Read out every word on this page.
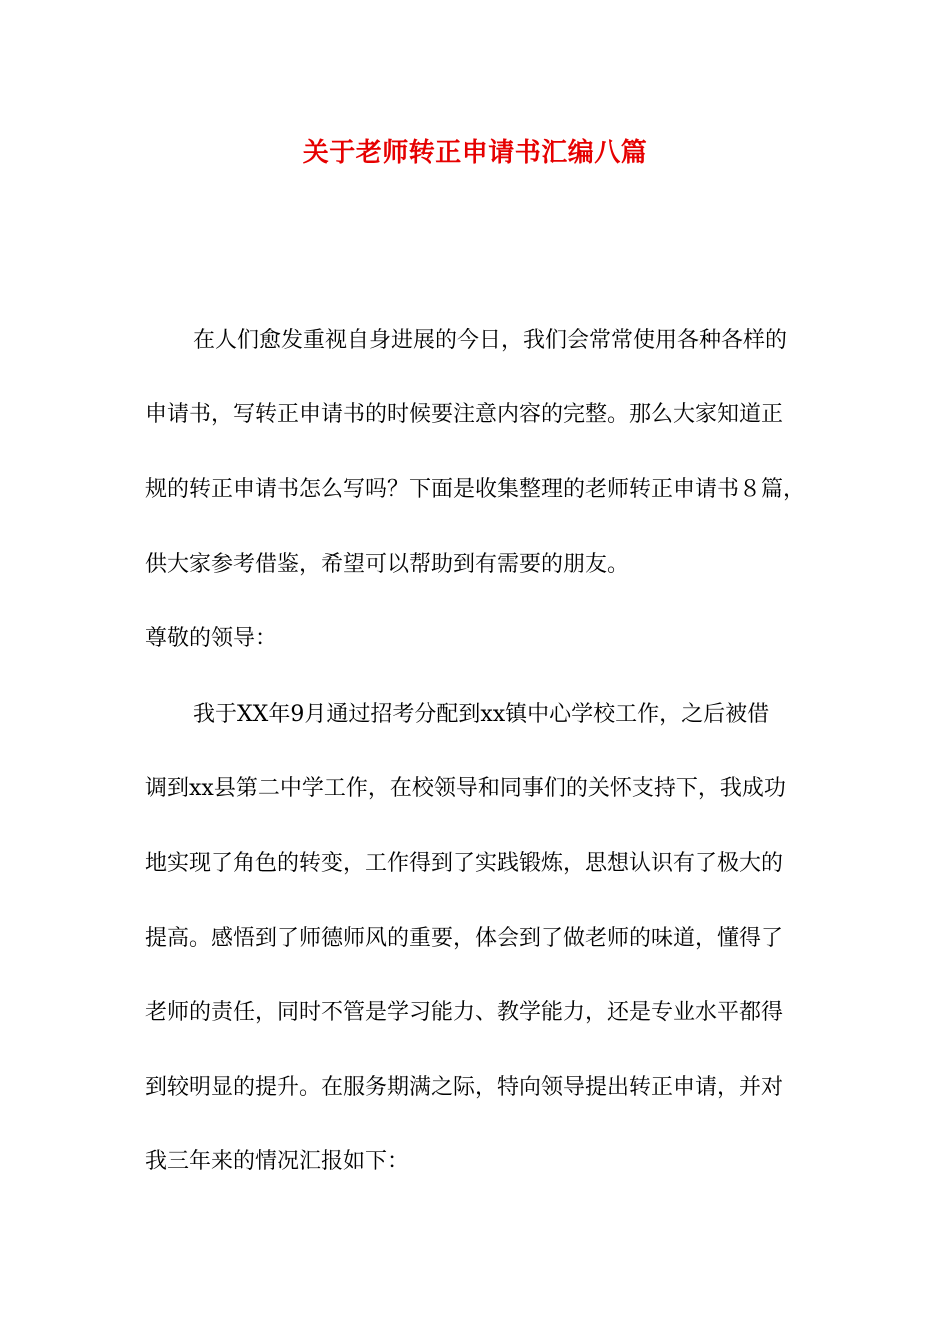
关于老师转正申请书汇编八篇
在人们愈发重视自身进展的今日，我们会常常使用各种各样的
申请书，写转正申请书的时候要注意内容的完整。那么大家知道正
规的转正申请书怎么写吗？下面是收集整理的老师转正申请书８篇，
供大家参考借鉴，希望可以帮助到有需要的朋友。
尊敬的领导：
我于XX年9月通过招考分配到xx镇中心学校工作，之后被借
调到xx县第二中学工作，在校领导和同事们的关怀支持下，我成功
地实现了角色的转变，工作得到了实践锻炼，思想认识有了极大的
提高。感悟到了师德师风的重要，体会到了做老师的味道，懂得了
老师的责任，同时不管是学习能力、教学能力，还是专业水平都得
到较明显的提升。在服务期满之际，特向领导提出转正申请，并对
我三年来的情况汇报如下：
